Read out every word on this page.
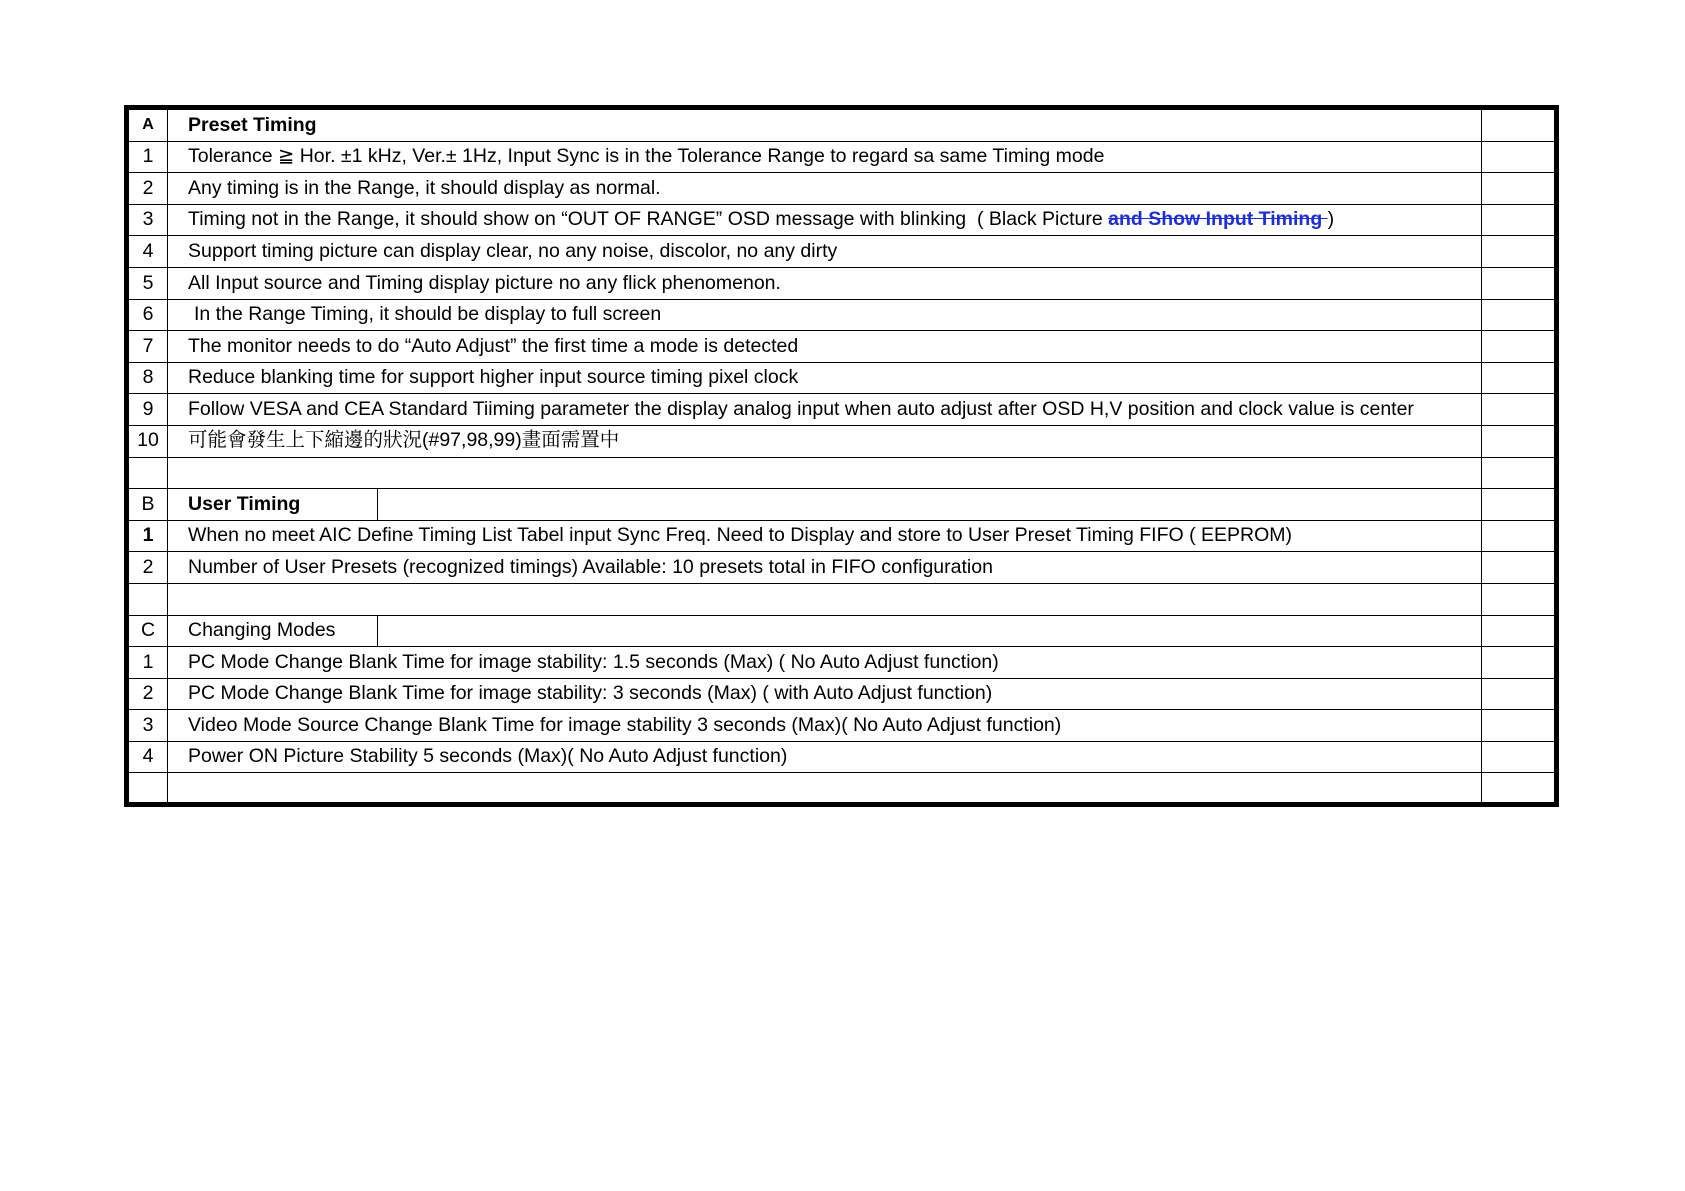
A	Preset Timing	
1	Tolerance ≧ Hor. ±1 kHz, Ver.± 1Hz, Input Sync is in the Tolerance Range to regard sa same Timing mode	
2	Any timing is in the Range, it should display as normal.	
3	Timing not in the Range, it should show on “OUT OF RANGE” OSD message with blinking  ( Black Picture and Show Input Timing )	
4	Support timing picture can display clear, no any noise, discolor, no any dirty	
5	All Input source and Timing display picture no any flick phenomenon.	
6	In the Range Timing, it should be display to full screen	
7	The monitor needs to do “Auto Adjust” the first time a mode is detected	
8	Reduce blanking time for support higher input source timing pixel clock	
9	Follow VESA and CEA Standard Tiiming parameter the display analog input when auto adjust after OSD H,V position and clock value is center	
10	可能會發生上下縮邊的狀況(#97,98,99)畫面需置中	

B	User Timing	

1	When no meet AIC Define Timing List Tabel input Sync Freq. Need to Display and store to User Preset Timing FIFO ( EEPROM)	
2	Number of User Presets (recognized timings) Available: 10 presets total in FIFO configuration	

C	Changing Modes	

1	PC Mode Change Blank Time for image stability: 1.5 seconds (Max) ( No Auto Adjust function)	
2	PC Mode Change Blank Time for image stability: 3 seconds (Max) ( with Auto Adjust function)	
3	Video Mode Source Change Blank Time for image stability 3 seconds (Max)( No Auto Adjust function)	
4	Power ON Picture Stability 5 seconds (Max)( No Auto Adjust function)	
